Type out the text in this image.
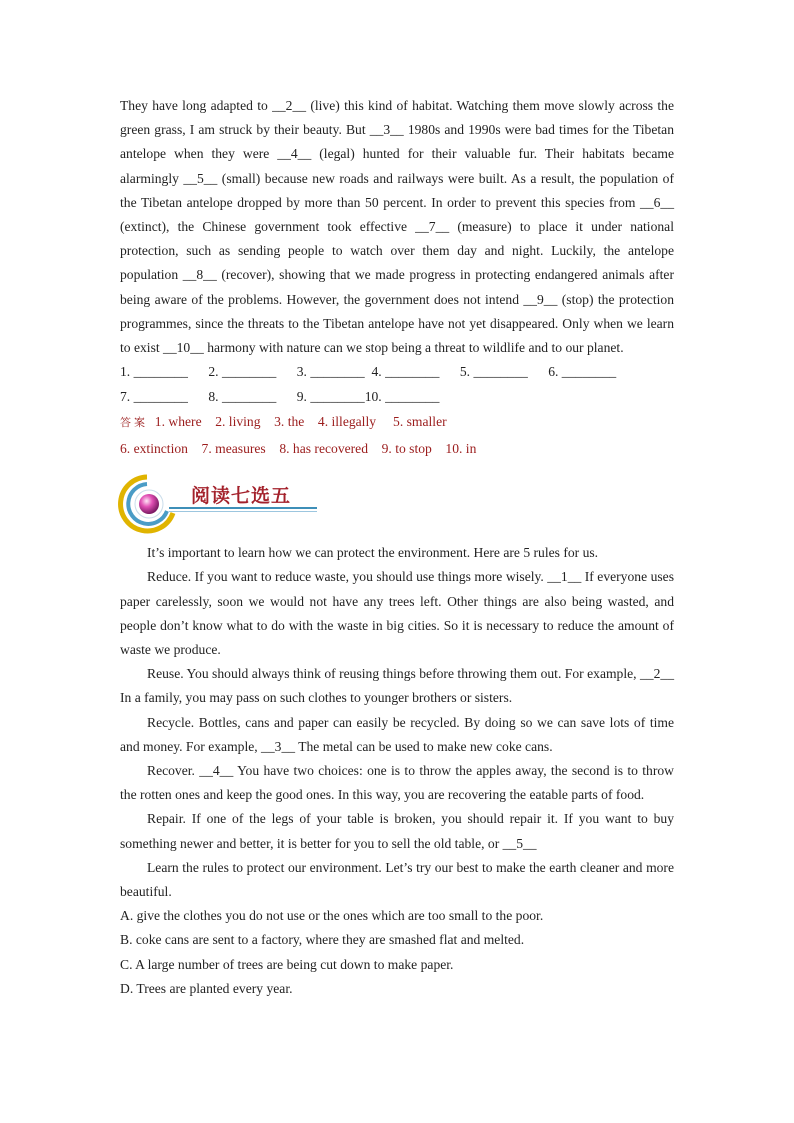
They have long adapted to __2__ (live) this kind of habitat. Watching them move slowly across the green grass, I am struck by their beauty. But __3__ 1980s and 1990s were bad times for the Tibetan antelope when they were __4__ (legal) hunted for their valuable fur. Their habitats became alarmingly __5__ (small) because new roads and railways were built. As a result, the population of the Tibetan antelope dropped by more than 50 percent. In order to prevent this species from __6__ (extinct), the Chinese government took effective __7__ (measure) to place it under national protection, such as sending people to watch over them day and night. Luckily, the antelope population __8__ (recover), showing that we made progress in protecting endangered animals after being aware of the problems. However, the government does not intend __9__ (stop) the protection programmes, since the threats to the Tibetan antelope have not yet disappeared. Only when we learn to exist __10__ harmony with nature can we stop being a threat to wildlife and to our planet.

1. ________      2. ________      3. ________  4. ________      5. ________      6. ________
7. ________      8. ________      9. ________10. ________
答案  1. where    2. living    3. the    4. illegally     5. smaller
6. extinction    7. measures    8. has recovered    9. to stop    10. in
阅读七选五

It’s important to learn how we can protect the environment. Here are 5 rules for us.

Reduce. If you want to reduce waste, you should use things more wisely. __1__ If everyone uses paper carelessly, soon we would not have any trees left. Other things are also being wasted, and people don’t know what to do with the waste in big cities. So it is necessary to reduce the amount of waste we produce.

Reuse. You should always think of reusing things before throwing them out. For example, __2__ In a family, you may pass on such clothes to younger brothers or sisters.

Recycle. Bottles, cans and paper can easily be recycled. By doing so we can save lots of time and money. For example, __3__ The metal can be used to make new coke cans.

Recover. __4__ You have two choices: one is to throw the apples away, the second is to throw the rotten ones and keep the good ones. In this way, you are recovering the eatable parts of food.

Repair. If one of the legs of your table is broken, you should repair it. If you want to buy something newer and better, it is better for you to sell the old table, or __5__

Learn the rules to protect our environment. Let’s try our best to make the earth cleaner and more beautiful.

A. give the clothes you do not use or the ones which are too small to the poor.
B. coke cans are sent to a factory, where they are smashed flat and melted.
C. A large number of trees are being cut down to make paper.
D. Trees are planted every year.
